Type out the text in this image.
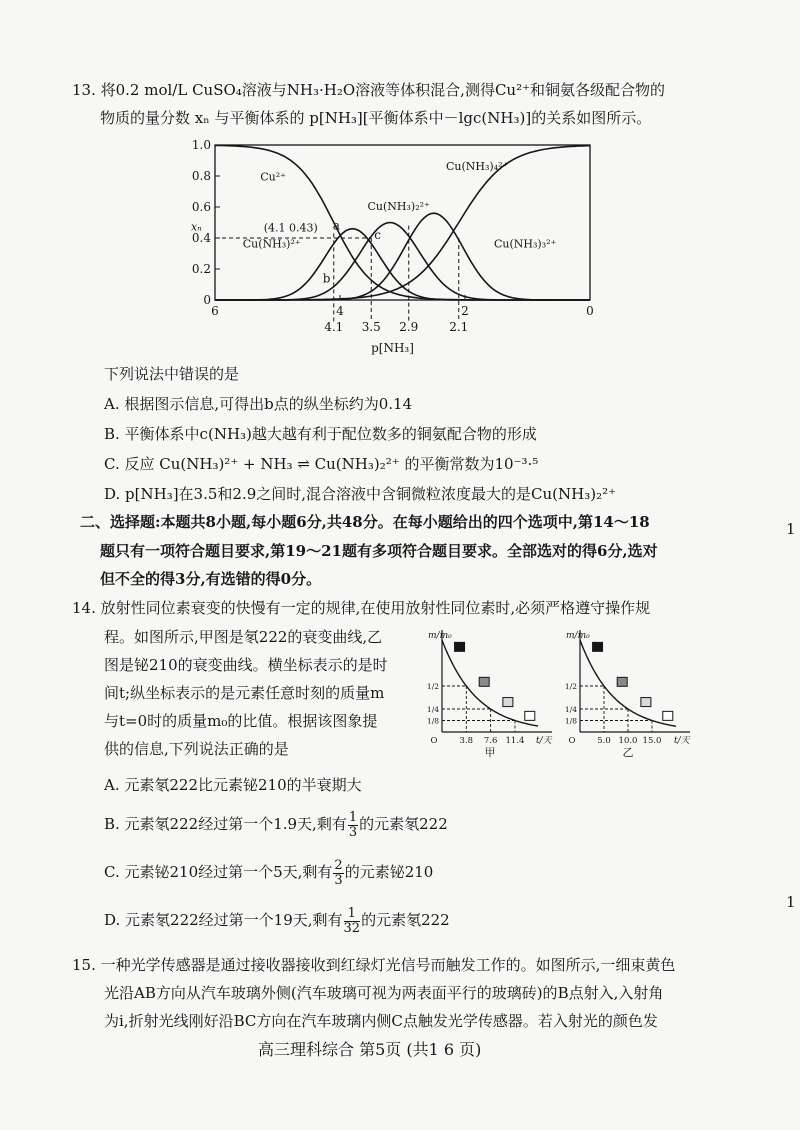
13. 将0.2 mol/L CuSO₄溶液与NH₃·H₂O溶液等体积混合,测得Cu²⁺和铜氨各级配合物的
物质的量分数 xₙ 与平衡体系的 p[NH₃][平衡体系中－lgc(NH₃)]的关系如图所示。
0
0.2
0.4
0.6
0.8
1.0
xₙ
6	4	2	0
4.1 3.5 2.9	2.1
p[NH₃]
(4.1 0.43) a
b
c
Cu²⁺
Cu(NH₃)²⁺
Cu(NH₃)₂²⁺
Cu(NH₃)₄²⁺
Cu(NH₃)₃²⁺
下列说法中错误的是
A. 根据图示信息,可得出b点的纵坐标约为0.14
B. 平衡体系中c(NH₃)越大越有利于配位数多的铜氨配合物的形成
C. 反应 Cu(NH₃)²⁺ + NH₃ ⇌ Cu(NH₃)₂²⁺ 的平衡常数为10⁻³·⁵
D. p[NH₃]在3.5和2.9之间时,混合溶液中含铜微粒浓度最大的是Cu(NH₃)₂²⁺
二、选择题:本题共8小题,每小题6分,共48分。在每小题给出的四个选项中,第14～18
题只有一项符合题目要求,第19～21题有多项符合题目要求。全部选对的得6分,选对
但不全的得3分,有选错的得0分。
14. 放射性同位素衰变的快慢有一定的规律,在使用放射性同位素时,必须严格遵守操作规
程。如图所示,甲图是氡222的衰变曲线,乙
图是铋210的衰变曲线。横坐标表示的是时
间t;纵坐标表示的是元素任意时刻的质量m
与t=0时的质量m₀的比值。根据该图象提
供的信息,下列说法正确的是
m/m₀
t/天
甲
O	3.8 7.6 11.4
1/2
1/4
1/8
m/m₀
t/天
乙
O	5.0 10.0 15.0
1/2
1/4
1/8
A. 元素氡222比元素铋210的半衰期大
B. 元素氡222经过第一个1.9天,剩有 $\frac{1}{3}$ 的元素氡222
C. 元素铋210经过第一个5天,剩有 $\frac{2}{3}$ 的元素铋210
D. 元素氡222经过第一个19天,剩有 $\frac{1}{32}$ 的元素氡222
15. 一种光学传感器是通过接收器接收到红绿灯光信号而触发工作的。如图所示,一细束黄色
光沿AB方向从汽车玻璃外侧(汽车玻璃可视为两表面平行的玻璃砖)的B点射入,入射角
为i,折射光线刚好沿BC方向在汽车玻璃内侧C点触发光学传感器。若入射光的颜色发
高三理科综合 第5页 (共1 6 页)
1
1
